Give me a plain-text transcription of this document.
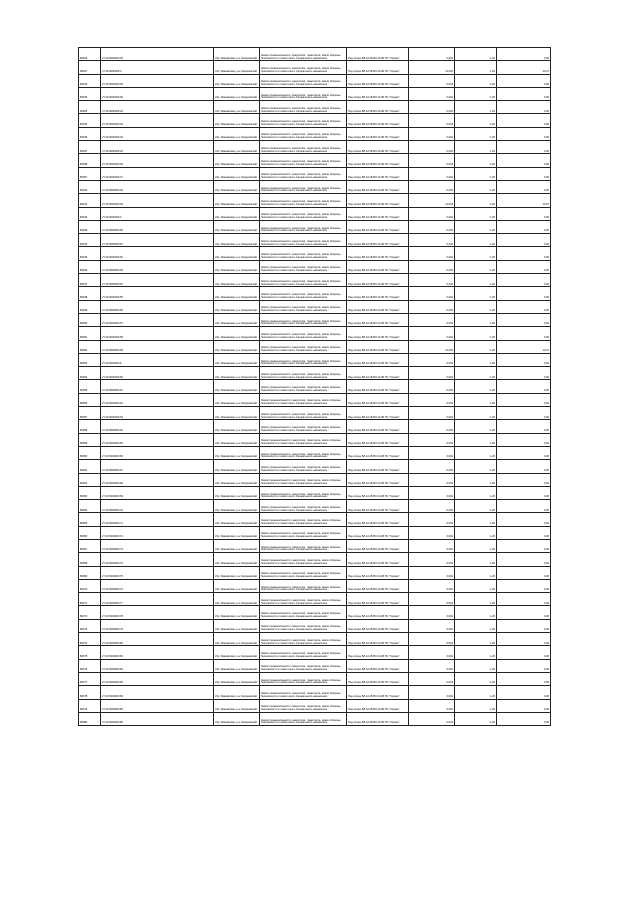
80026	27:10:0000000:00	хбр. Ивановская, р-н Смирновский	Земли промышленности, энергетики, транспорта, земли обороны, безопасности и земли иного специального назначения	Под опоры ВЛ-10 кВ ВЛ-10 кВ ПС "Горная"	0,004	1,20	0,06
80027	27:10:0000000:4	хбр. Ивановская, р-н Смирновский	Земли промышленности, энергетики, транспорта, земли обороны, безопасности и земли иного специального назначения	Под опоры ВЛ-10 кВ ВЛ-10 кВ ПС "Горная"	11,004	1,20	13,07
80010	27:10:0000000:00	хбр. Ивановская, р-н Смирновский	Земли промышленности, энергетики, транспорта, земли обороны, безопасности и земли иного специального назначения	Под опоры ВЛ-10 кВ ВЛ-10 кВ ПС "Горная"	0,004	1,20	0,06
80035	27:10:0000000:00	хбр. Ивановская, р-н Смирновский	Земли промышленности, энергетики, транспорта, земли обороны, безопасности и земли иного специального назначения	Под опоры ВЛ-10 кВ ВЛ-10 кВ ПС "Горная"	0,004	1,20	0,06
80004	27:10:0000000:42	хбр. Ивановская, р-н Смирновский	Земли промышленности, энергетики, транспорта, земли обороны, безопасности и земли иного специального назначения	Под опоры ВЛ-10 кВ ВЛ-10 кВ ПС "Горная"	0,004	1,20	0,06
80036	27:10:0000000:42	хбр. Ивановская, р-н Смирновский	Земли промышленности, энергетики, транспорта, земли обороны, безопасности и земли иного специального назначения	Под опоры ВЛ-10 кВ ВЛ-10 кВ ПС "Горная"	0,004	1,20	0,06
80039	27:10:0000000:46	хбр. Ивановская, р-н Смирновский	Земли промышленности, энергетики, транспорта, земли обороны, безопасности и земли иного специального назначения	Под опоры ВЛ-10 кВ ВЛ-10 кВ ПС "Горная"	0,004	1,20	0,06
80037	27:10:0000000:40	хбр. Ивановская, р-н Смирновский	Земли промышленности, энергетики, транспорта, земли обороны, безопасности и земли иного специального назначения	Под опоры ВЛ-10 кВ ВЛ-10 кВ ПС "Горная"	0,004	1,20	0,06
80038	27:10:0000000:40	хбр. Ивановская, р-н Смирновский	Земли промышленности, энергетики, транспорта, земли обороны, безопасности и земли иного специального назначения	Под опоры ВЛ-10 кВ ВЛ-10 кВ ПС "Горная"	0,004	1,20	0,06
80007	27:10:0000000:47	хбр. Ивановская, р-н Смирновский	Земли промышленности, энергетики, транспорта, земли обороны, безопасности и земли иного специального назначения	Под опоры ВЛ-10 кВ ВЛ-10 кВ ПС "Горная"	0,004	1,20	0,06
80040	27:10:0000000:46	хбр. Ивановская, р-н Смирновский	Земли промышленности, энергетики, транспорта, земли обороны, безопасности и земли иного специального назначения	Под опоры ВЛ-10 кВ ВЛ-10 кВ ПС "Горная"	0,004	1,20	0,06
80041	27:10:0000000:49	хбр. Ивановская, р-н Смирновский	Земли промышленности, энергетики, транспорта, земли обороны, безопасности и земли иного специального назначения	Под опоры ВЛ-10 кВ ВЛ-10 кВ ПС "Горная"	11,004	1,20	13,07
80043	27:10:0000000:2	хбр. Ивановская, р-н Смирновский	Земли промышленности, энергетики, транспорта, земли обороны, безопасности и земли иного специального назначения	Под опоры ВЛ-10 кВ ВЛ-10 кВ ПС "Горная"	0,004	1,20	0,06
80045	27:10:0000000:50	хбр. Ивановская, р-н Смирновский	Земли промышленности, энергетики, транспорта, земли обороны, безопасности и земли иного специального назначения	Под опоры ВЛ-10 кВ ВЛ-10 кВ ПС "Горная"	0,004	1,20	0,06
80044	27:10:0000000:51	хбр. Ивановская, р-н Смирновский	Земли промышленности, энергетики, транспорта, земли обороны, безопасности и земли иного специального назначения	Под опоры ВЛ-10 кВ ВЛ-10 кВ ПС "Горная"	0,004	1,20	0,06
80045	27:10:0000000:52	хбр. Ивановская, р-н Смирновский	Земли промышленности, энергетики, транспорта, земли обороны, безопасности и земли иного специального назначения	Под опоры ВЛ-10 кВ ВЛ-10 кВ ПС "Горная"	0,004	1,20	0,06
80046	27:10:0000000:53	хбр. Ивановская, р-н Смирновский	Земли промышленности, энергетики, транспорта, земли обороны, безопасности и земли иного специального назначения	Под опоры ВЛ-10 кВ ВЛ-10 кВ ПС "Горная"	0,004	1,20	0,06
80047	27:10:0000000:54	хбр. Ивановская, р-н Смирновский	Земли промышленности, энергетики, транспорта, земли обороны, безопасности и земли иного специального назначения	Под опоры ВЛ-10 кВ ВЛ-10 кВ ПС "Горная"	0,004	1,20	0,06
80048	27:10:0000000:55	хбр. Ивановская, р-н Смирновский	Земли промышленности, энергетики, транспорта, земли обороны, безопасности и земли иного специального назначения	Под опоры ВЛ-10 кВ ВЛ-10 кВ ПС "Горная"	0,004	1,20	0,06
80049	27:10:0000000:56	хбр. Ивановская, р-н Смирновский	Земли промышленности, энергетики, транспорта, земли обороны, безопасности и земли иного специального назначения	Под опоры ВЛ-10 кВ ВЛ-10 кВ ПС "Горная"	0,004	1,20	0,06
80050	27:10:0000000:57	хбр. Ивановская, р-н Смирновский	Земли промышленности, энергетики, транспорта, земли обороны, безопасности и земли иного специального назначения	Под опоры ВЛ-10 кВ ВЛ-10 кВ ПС "Горная"	0,004	1,20	0,06
80051	27:10:0000000:58	хбр. Ивановская, р-н Смирновский	Земли промышленности, энергетики, транспорта, земли обороны, безопасности и земли иного специального назначения	Под опоры ВЛ-10 кВ ВЛ-10 кВ ПС "Горная"	0,004	1,20	0,06
80052	27:10:0000000:59	хбр. Ивановская, р-н Смирновский	Земли промышленности, энергетики, транспорта, земли обороны, безопасности и земли иного специального назначения	Под опоры ВЛ-10 кВ ВЛ-10 кВ ПС "Горная"	11,004	1,20	13,07
80053	27:10:0000000:6	хбр. Ивановская, р-н Смирновский	Земли промышленности, энергетики, транспорта, земли обороны, безопасности и земли иного специального назначения	Под опоры ВЛ-10 кВ ВЛ-10 кВ ПС "Горная"	0,004	1,20	0,06
80054	27:10:0000000:60	хбр. Ивановская, р-н Смирновский	Земли промышленности, энергетики, транспорта, земли обороны, безопасности и земли иного специального назначения	Под опоры ВЛ-10 кВ ВЛ-10 кВ ПС "Горная"	0,004	1,20	0,06
80055	27:10:0000000:61	хбр. Ивановская, р-н Смирновский	Земли промышленности, энергетики, транспорта, земли обороны, безопасности и земли иного специального назначения	Под опоры ВЛ-10 кВ ВЛ-10 кВ ПС "Горная"	0,004	1,20	0,06
80056	27:10:0000000:62	хбр. Ивановская, р-н Смирновский	Земли промышленности, энергетики, транспорта, земли обороны, безопасности и земли иного специального назначения	Под опоры ВЛ-10 кВ ВЛ-10 кВ ПС "Горная"	0,004	1,20	0,06
80057	27:10:0000000:63	хбр. Ивановская, р-н Смирновский	Земли промышленности, энергетики, транспорта, земли обороны, безопасности и земли иного специального назначения	Под опоры ВЛ-10 кВ ВЛ-10 кВ ПС "Горная"	0,004	1,20	0,06
80058	27:10:0000000:64	хбр. Ивановская, р-н Смирновский	Земли промышленности, энергетики, транспорта, земли обороны, безопасности и земли иного специального назначения	Под опоры ВЛ-10 кВ ВЛ-10 кВ ПС "Горная"	0,004	1,20	0,06
80059	27:10:0000000:65	хбр. Ивановская, р-н Смирновский	Земли промышленности, энергетики, транспорта, земли обороны, безопасности и земли иного специального назначения	Под опоры ВЛ-10 кВ ВЛ-10 кВ ПС "Горная"	0,004	1,20	0,06
80060	27:10:0000000:66	хбр. Ивановская, р-н Смирновский	Земли промышленности, энергетики, транспорта, земли обороны, безопасности и земли иного специального назначения	Под опоры ВЛ-10 кВ ВЛ-10 кВ ПС "Горная"	0,004	1,20	0,06
80061	27:10:0000000:67	хбр. Ивановская, р-н Смирновский	Земли промышленности, энергетики, транспорта, земли обороны, безопасности и земли иного специального назначения	Под опоры ВЛ-10 кВ ВЛ-10 кВ ПС "Горная"	0,004	1,20	0,06
80062	27:10:0000000:68	хбр. Ивановская, р-н Смирновский	Земли промышленности, энергетики, транспорта, земли обороны, безопасности и земли иного специального назначения	Под опоры ВЛ-10 кВ ВЛ-10 кВ ПС "Горная"	0,004	1,20	0,06
80063	27:10:0000000:69	хбр. Ивановская, р-н Смирновский	Земли промышленности, энергетики, транспорта, земли обороны, безопасности и земли иного специального назначения	Под опоры ВЛ-10 кВ ВЛ-10 кВ ПС "Горная"	0,004	1,20	0,06
80064	27:10:0000000:70	хбр. Ивановская, р-н Смирновский	Земли промышленности, энергетики, транспорта, земли обороны, безопасности и земли иного специального назначения	Под опоры ВЛ-10 кВ ВЛ-10 кВ ПС "Горная"	0,004	1,20	0,06
80065	27:10:0000000:71	хбр. Ивановская, р-н Смирновский	Земли промышленности, энергетики, транспорта, земли обороны, безопасности и земли иного специального назначения	Под опоры ВЛ-10 кВ ВЛ-10 кВ ПС "Горная"	0,004	1,20	0,06
80066	27:10:0000000:72	хбр. Ивановская, р-н Смирновский	Земли промышленности, энергетики, транспорта, земли обороны, безопасности и земли иного специального назначения	Под опоры ВЛ-10 кВ ВЛ-10 кВ ПС "Горная"	0,004	1,20	0,06
80067	27:10:0000000:73	хбр. Ивановская, р-н Смирновский	Земли промышленности, энергетики, транспорта, земли обороны, безопасности и земли иного специального назначения	Под опоры ВЛ-10 кВ ВЛ-10 кВ ПС "Горная"	0,004	1,20	0,06
80068	27:10:0000000:74	хбр. Ивановская, р-н Смирновский	Земли промышленности, энергетики, транспорта, земли обороны, безопасности и земли иного специального назначения	Под опоры ВЛ-10 кВ ВЛ-10 кВ ПС "Горная"	0,004	1,20	0,06
80069	27:10:0000000:75	хбр. Ивановская, р-н Смирновский	Земли промышленности, энергетики, транспорта, земли обороны, безопасности и земли иного специального назначения	Под опоры ВЛ-10 кВ ВЛ-10 кВ ПС "Горная"	0,004	1,20	0,06
80070	27:10:0000000:76	хбр. Ивановская, р-н Смирновский	Земли промышленности, энергетики, транспорта, земли обороны, безопасности и земли иного специального назначения	Под опоры ВЛ-10 кВ ВЛ-10 кВ ПС "Горная"	0,004	1,20	0,06
80071	27:10:0000000:77	хбр. Ивановская, р-н Смирновский	Земли промышленности, энергетики, транспорта, земли обороны, безопасности и земли иного специального назначения	Под опоры ВЛ-10 кВ ВЛ-10 кВ ПС "Горная"	0,004	1,20	0,06
80072	27:10:0000000:78	хбр. Ивановская, р-н Смирновский	Земли промышленности, энергетики, транспорта, земли обороны, безопасности и земли иного специального назначения	Под опоры ВЛ-10 кВ ВЛ-10 кВ ПС "Горная"	0,004	1,20	0,06
80073	27:10:0000000:79	хбр. Ивановская, р-н Смирновский	Земли промышленности, энергетики, транспорта, земли обороны, безопасности и земли иного специального назначения	Под опоры ВЛ-10 кВ ВЛ-10 кВ ПС "Горная"	0,004	1,20	0,06
80074	27:10:0000000:80	хбр. Ивановская, р-н Смирновский	Земли промышленности, энергетики, транспорта, земли обороны, безопасности и земли иного специального назначения	Под опоры ВЛ-10 кВ ВЛ-10 кВ ПС "Горная"	0,004	1,20	0,06
80075	27:10:0000000:81	хбр. Ивановская, р-н Смирновский	Земли промышленности, энергетики, транспорта, земли обороны, безопасности и земли иного специального назначения	Под опоры ВЛ-10 кВ ВЛ-10 кВ ПС "Горная"	0,004	1,20	0,06
80076	27:10:0000000:82	хбр. Ивановская, р-н Смирновский	Земли промышленности, энергетики, транспорта, земли обороны, безопасности и земли иного специального назначения	Под опоры ВЛ-10 кВ ВЛ-10 кВ ПС "Горная"	0,004	1,20	0,06
80077	27:10:0000000:83	хбр. Ивановская, р-н Смирновский	Земли промышленности, энергетики, транспорта, земли обороны, безопасности и земли иного специального назначения	Под опоры ВЛ-10 кВ ВЛ-10 кВ ПС "Горная"	0,004	1,20	0,06
80078	27:10:0000000:84	хбр. Ивановская, р-н Смирновский	Земли промышленности, энергетики, транспорта, земли обороны, безопасности и земли иного специального назначения	Под опоры ВЛ-10 кВ ВЛ-10 кВ ПС "Горная"	0,004	1,20	0,06
80079	27:10:0000000:85	хбр. Ивановская, р-н Смирновский	Земли промышленности, энергетики, транспорта, земли обороны, безопасности и земли иного специального назначения	Под опоры ВЛ-10 кВ ВЛ-10 кВ ПС "Горная"	0,004	1,20	0,06
80080	27:10:0000000:86	хбр. Ивановская, р-н Смирновский	Земли промышленности, энергетики, транспорта, земли обороны, безопасности и земли иного специального назначения	Под опоры ВЛ-10 кВ ВЛ-10 кВ ПС "Горная"	0,004	1,20	0,06
